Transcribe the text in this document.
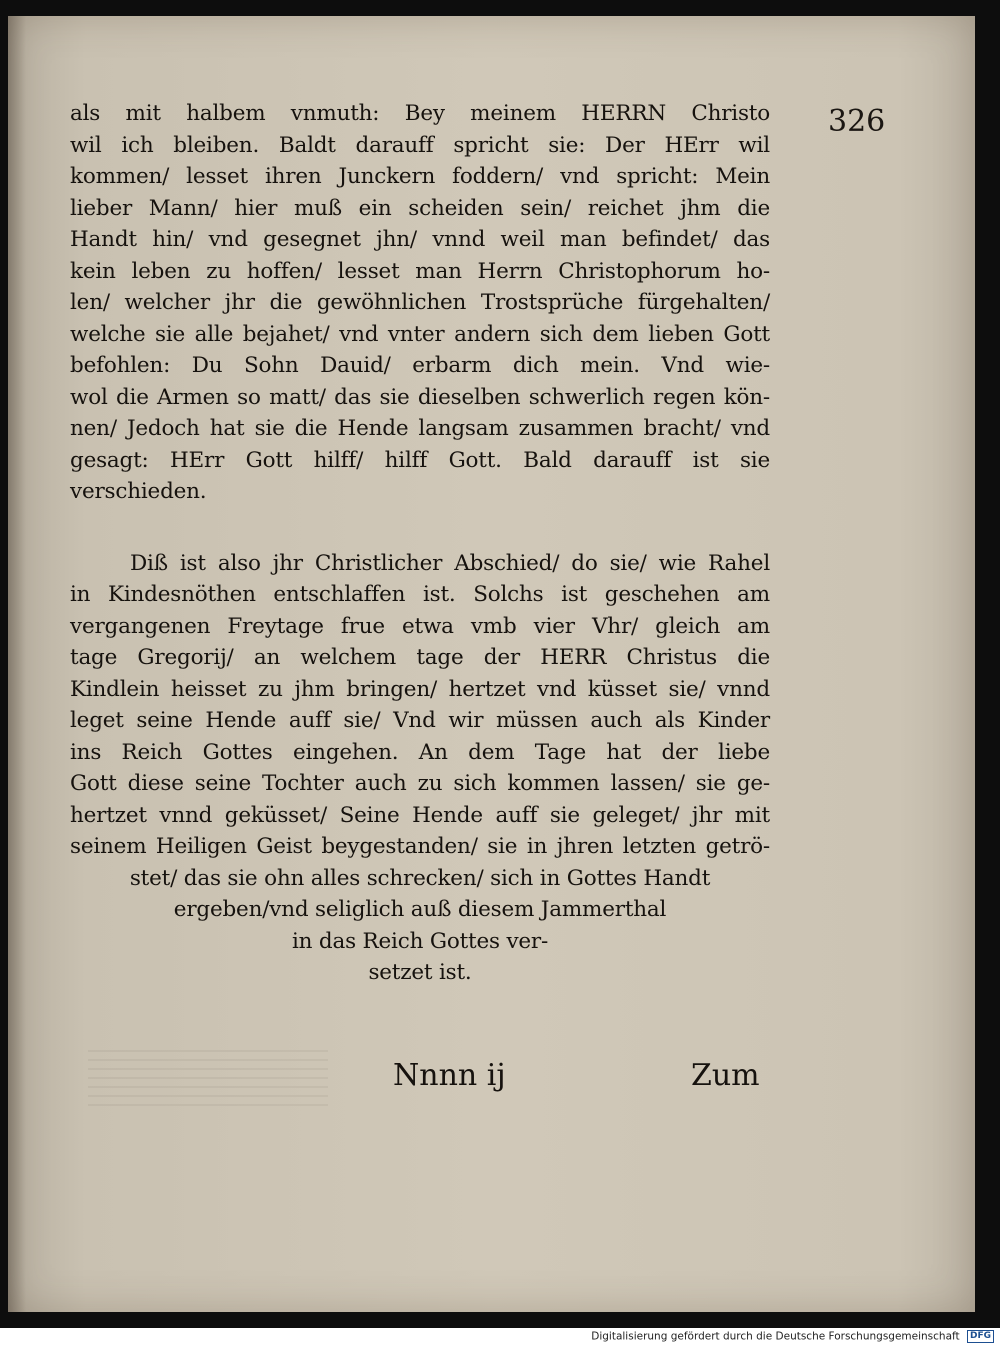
326
als mit halbem vnmuth: Bey meinem HERRN Christo
wil ich bleiben. Baldt darauff spricht sie: Der HErr wil
kommen/ lesset ihren Junckern foddern/ vnd spricht: Mein
lieber Mann/ hier muß ein scheiden sein/ reichet jhm die
Handt hin/ vnd gesegnet jhn/ vnnd weil man befindet/ das
kein leben zu hoffen/ lesset man Herrn Christophorum ho-
len/ welcher jhr die gewöhnlichen Trostsprüche fürgehalten/
welche sie alle bejahet/ vnd vnter andern sich dem lieben Gott
befohlen: Du Sohn Dauid/ erbarm dich mein. Vnd wie-
wol die Armen so matt/ das sie dieselben schwerlich regen kön-
nen/ Jedoch hat sie die Hende langsam zusammen bracht/ vnd
gesagt: HErr Gott hilff/ hilff Gott. Bald darauff ist sie
verschieden.
Diß ist also jhr Christlicher Abschied/ do sie/ wie Rahel
in Kindesnöthen entschlaffen ist. Solchs ist geschehen am
vergangenen Freytage frue etwa vmb vier Vhr/ gleich am
tage Gregorij/ an welchem tage der HERR Christus die
Kindlein heisset zu jhm bringen/ hertzet vnd küsset sie/ vnnd
leget seine Hende auff sie/ Vnd wir müssen auch als Kinder
ins Reich Gottes eingehen. An dem Tage hat der liebe
Gott diese seine Tochter auch zu sich kommen lassen/ sie ge-
hertzet vnnd geküsset/ Seine Hende auff sie geleget/ jhr mit
seinem Heiligen Geist beygestanden/ sie in jhren letzten getrö-
stet/ das sie ohn alles schrecken/ sich in Gottes Handt
ergeben/vnd seliglich auß diesem Jammerthal
in das Reich Gottes ver-
setzet ist.
Nnnn ij	Zum
Digitalisierung gefördert durch die Deutsche Forschungsgemeinschaft DFG
